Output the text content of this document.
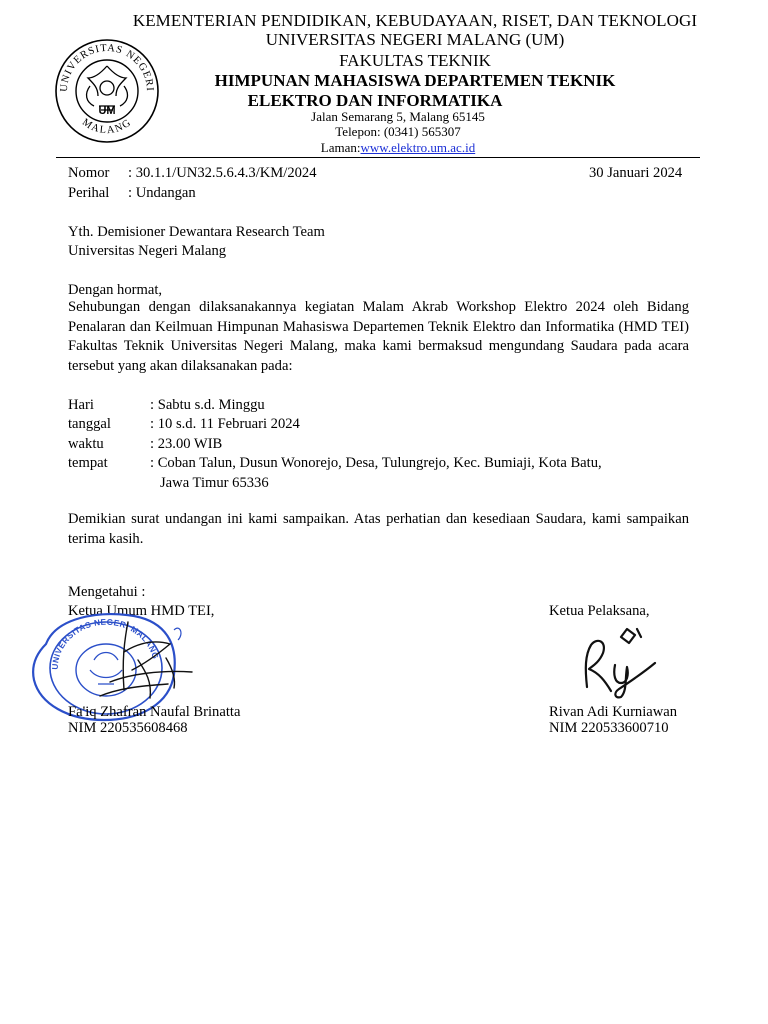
UNIVERSITAS NEGERI
MALANG
UM
KEMENTERIAN PENDIDIKAN, KEBUDAYAAN, RISET, DAN TEKNOLOGI
UNIVERSITAS NEGERI MALANG (UM)
FAKULTAS TEKNIK
HIMPUNAN MAHASISWA DEPARTEMEN TEKNIK
ELEKTRO DAN INFORMATIKA
Jalan Semarang 5, Malang 65145
Telepon: (0341) 565307
Laman:www.elektro.um.ac.id
Nomor : 30.1.1/UN32.5.6.4.3/KM/2024	30 Januari 2024
Perihal : Undangan
Yth. Demisioner Dewantara Research Team
Universitas Negeri Malang
Dengan hormat,
Sehubungan dengan dilaksanakannya kegiatan Malam Akrab Workshop Elektro 2024 oleh Bidang Penalaran dan Keilmuan Himpunan Mahasiswa Departemen Teknik Elektro dan Informatika (HMD TEI) Fakultas Teknik Universitas Negeri Malang, maka kami bermaksud mengundang Saudara pada acara tersebut yang akan dilaksanakan pada:
Hari	: Sabtu s.d. Minggu
tanggal	: 10 s.d. 11 Februari 2024
waktu	: 23.00 WIB
tempat	: Coban Talun, Dusun Wonorejo, Desa, Tulungrejo, Kec. Bumiaji, Kota Batu,
Jawa Timur 65336
Demikian surat undangan ini kami sampaikan. Atas perhatian dan kesediaan Saudara, kami sampaikan terima kasih.
Mengetahui :
Ketua Umum HMD TEI,	Ketua Pelaksana,
UNIVERSITAS NEGERI MALANG
Fa'iq Zhafran Naufal Brinatta
NIM 220535608468
Rivan Adi Kurniawan
NIM 220533600710
